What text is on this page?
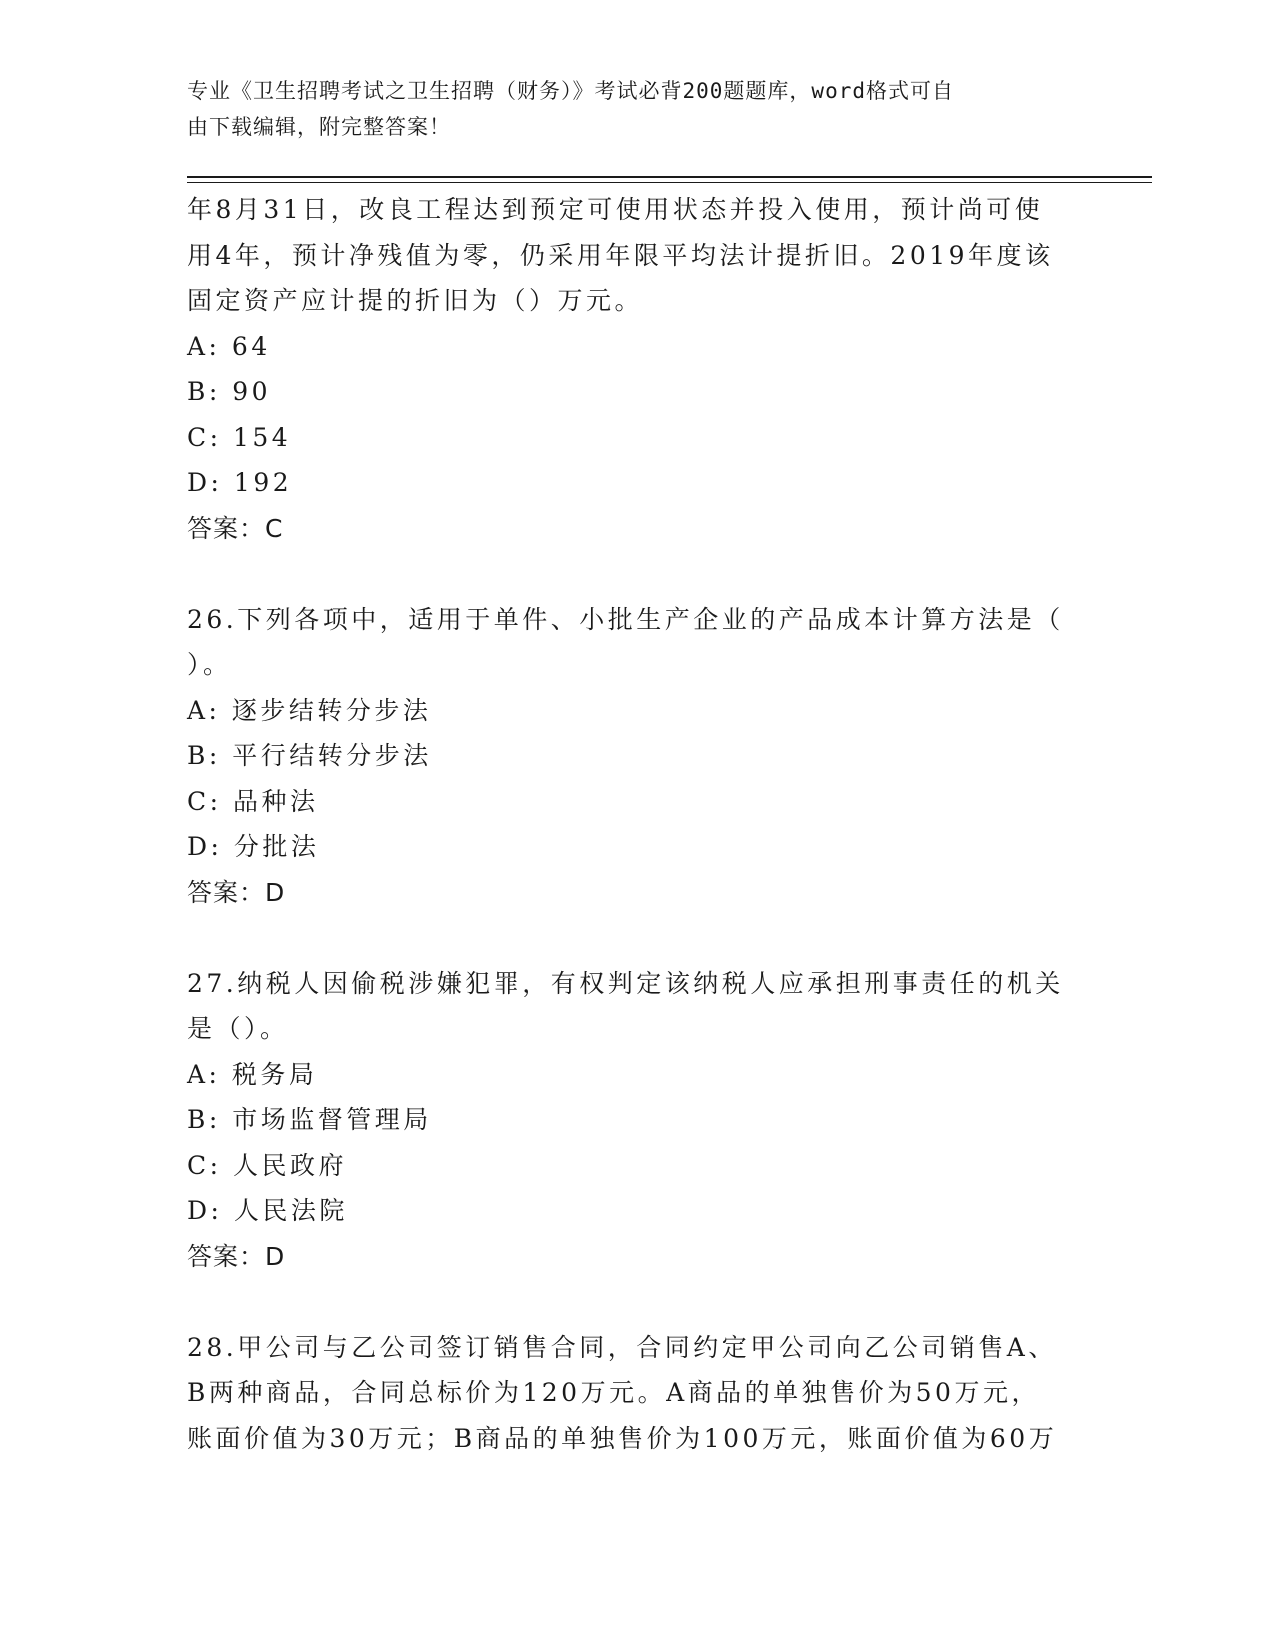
专业《卫生招聘考试之卫生招聘（财务）》考试必背200题题库，word格式可自
由下载编辑，附完整答案！
年8月31日，改良工程达到预定可使用状态并投入使用，预计尚可使
用4年，预计净残值为零，仍采用年限平均法计提折旧。2019年度该
固定资产应计提的折旧为（）万元。
A: 64
B: 90
C: 154
D: 192
答案：C
26.下列各项中，适用于单件、小批生产企业的产品成本计算方法是（
）。
A: 逐步结转分步法
B: 平行结转分步法
C: 品种法
D: 分批法
答案：D
27.纳税人因偷税涉嫌犯罪，有权判定该纳税人应承担刑事责任的机关
是（）。
A: 税务局
B: 市场监督管理局
C: 人民政府
D: 人民法院
答案：D
28.甲公司与乙公司签订销售合同，合同约定甲公司向乙公司销售A、
B两种商品，合同总标价为120万元。A商品的单独售价为50万元，
账面价值为30万元；B商品的单独售价为100万元，账面价值为60万
